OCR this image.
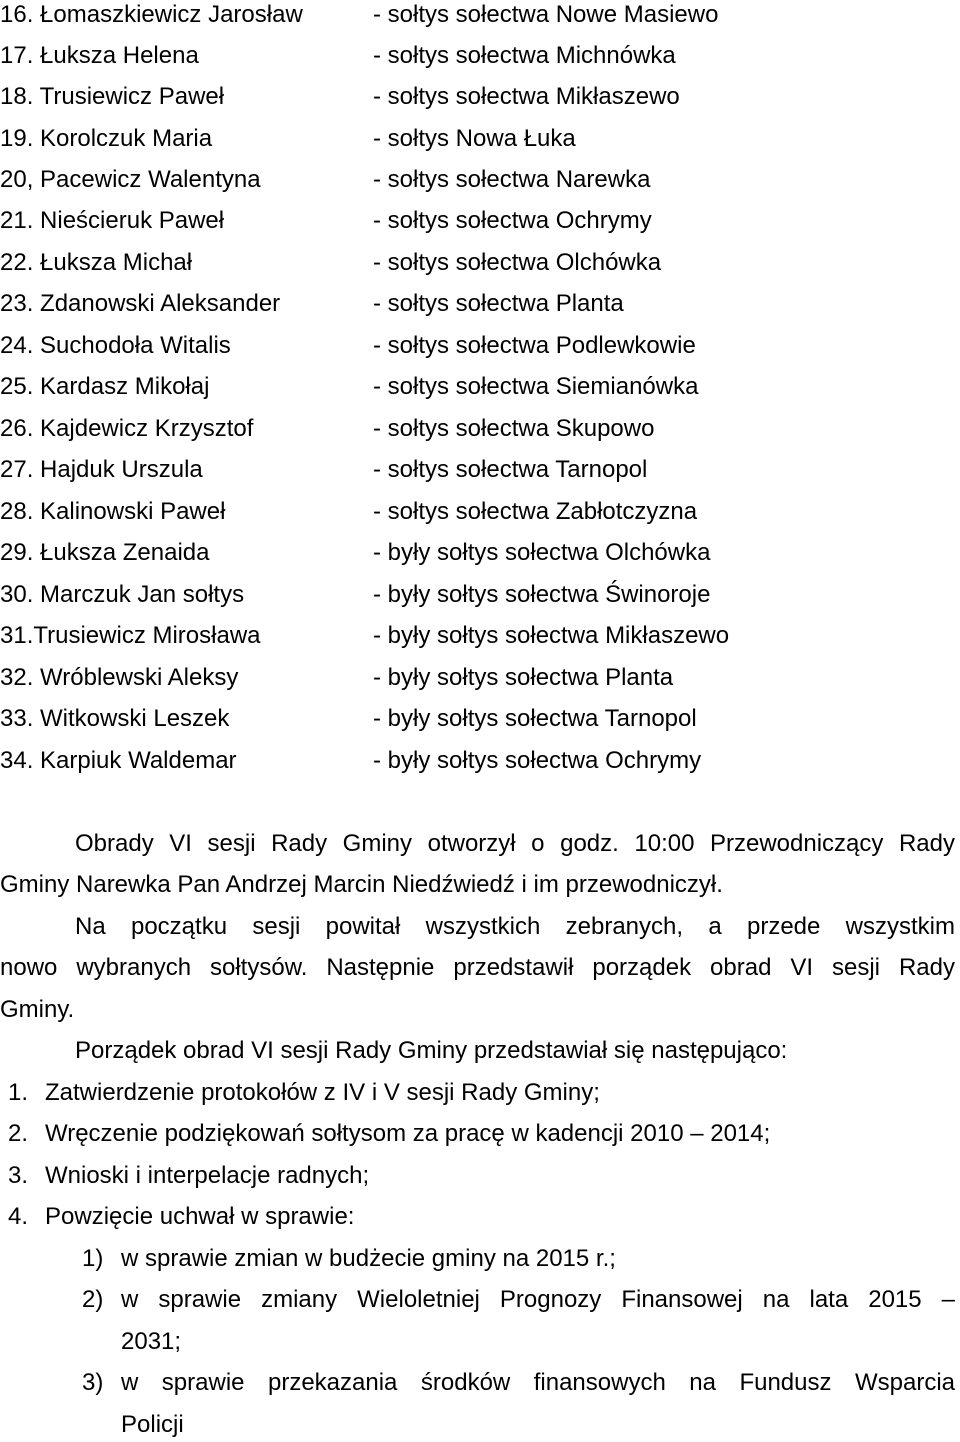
16. Łomaszkiewicz Jarosław	- sołtys sołectwa Nowe Masiewo
17. Łuksza Helena	- sołtys sołectwa Michnówka
18. Trusiewicz Paweł	- sołtys sołectwa Mikłaszewo
19. Korolczuk Maria	- sołtys Nowa Łuka
20, Pacewicz Walentyna	- sołtys sołectwa Narewka
21. Nieścieruk Paweł	- sołtys sołectwa Ochrymy
22. Łuksza Michał	- sołtys sołectwa Olchówka
23. Zdanowski Aleksander	- sołtys sołectwa Planta
24. Suchodoła Witalis	- sołtys sołectwa Podlewkowie
25. Kardasz Mikołaj	- sołtys sołectwa Siemianówka
26. Kajdewicz Krzysztof	- sołtys sołectwa Skupowo
27. Hajduk Urszula	- sołtys sołectwa Tarnopol
28. Kalinowski Paweł	- sołtys sołectwa Zabłotczyzna
29. Łuksza Zenaida	- były sołtys sołectwa Olchówka
30. Marczuk Jan sołtys	- były sołtys sołectwa Świnoroje
31.Trusiewicz Mirosława	- były sołtys sołectwa Mikłaszewo
32. Wróblewski Aleksy	- były sołtys sołectwa Planta
33. Witkowski Leszek	- były sołtys sołectwa Tarnopol
34. Karpiuk Waldemar	- były sołtys sołectwa Ochrymy
Obrady VI sesji Rady Gminy otworzył o godz. 10:00 Przewodniczący Rady
Gminy Narewka Pan Andrzej Marcin Niedźwiedź i im przewodniczył.
Na początku sesji powitał wszystkich zebranych, a przede wszystkim
nowo wybranych sołtysów. Następnie przedstawił porządek obrad VI sesji Rady
Gminy.
Porządek obrad VI sesji Rady Gminy przedstawiał się następująco:
1. Zatwierdzenie protokołów z IV i V sesji Rady Gminy;
2. Wręczenie podziękowań sołtysom za pracę w kadencji 2010 – 2014;
3. Wnioski i interpelacje radnych;
4. Powzięcie uchwał w sprawie:
1) w sprawie zmian w budżecie gminy na 2015 r.;
2) w sprawie zmiany Wieloletniej Prognozy Finansowej na lata 2015 –
2031;
3) w sprawie przekazania środków finansowych na Fundusz Wsparcia
Policji
